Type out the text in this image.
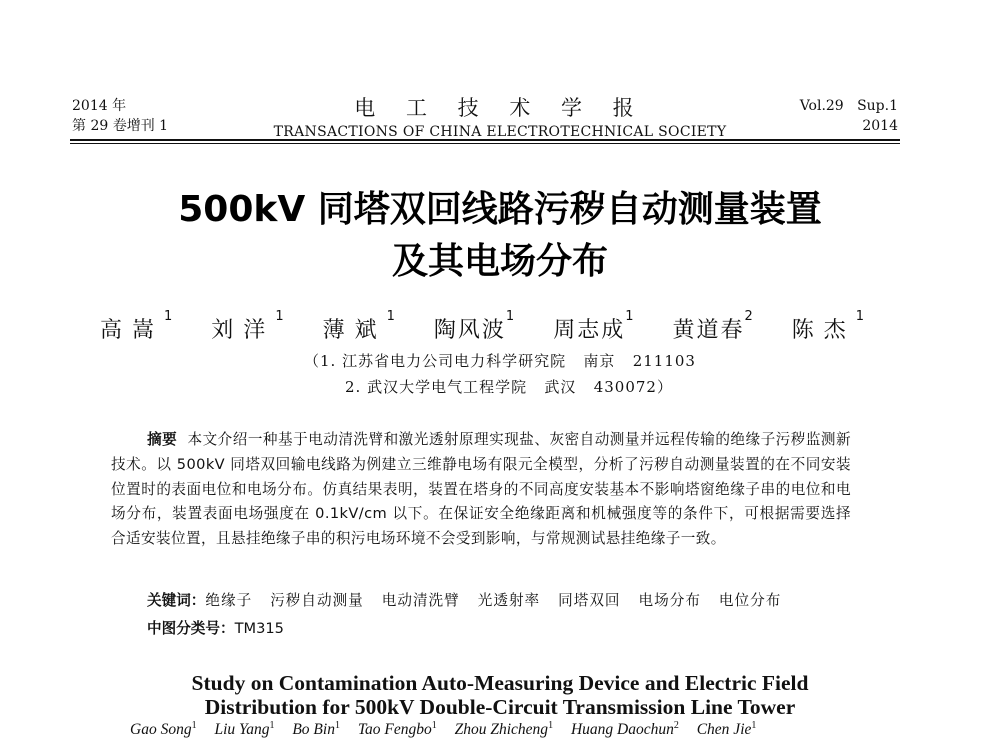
2014 年
第 29 卷增刊 1
电 工 技 术 学 报
TRANSACTIONS OF CHINA ELECTROTECHNICAL SOCIETY
Vol.29   Sup.1
2014
500kV 同塔双回线路污秽自动测量装置
及其电场分布
高嵩$^1$ 刘洋$^1$ 薄斌$^1$ 陶风波$^1$ 周志成$^1$ 黄道春$^2$ 陈杰$^1$
（1. 江苏省电力公司电力科学研究院   南京   211103
2. 武汉大学电气工程学院   武汉   430072）
摘要 本文介绍一种基于电动清洗臂和激光透射原理实现盐、灰密自动测量并远程传输的绝缘子污秽监测新技术。以 500kV 同塔双回输电线路为例建立三维静电场有限元全模型，分析了污秽自动测量装置的在不同安装位置时的表面电位和电场分布。仿真结果表明，装置在塔身的不同高度安装基本不影响塔窗绝缘子串的电位和电场分布，装置表面电场强度在 0.1kV/cm 以下。在保证安全绝缘距离和机械强度等的条件下，可根据需要选择合适安装位置，且悬挂绝缘子串的积污电场环境不会受到影响，与常规测试悬挂绝缘子一致。
关键词：绝缘子 污秽自动测量 电动清洗臂 光透射率 同塔双回 电场分布 电位分布
中图分类号：TM315
Study on Contamination Auto-Measuring Device and Electric Field
Distribution for 500kV Double-Circuit Transmission Line Tower
Gao Song$^1$ Liu Yang$^1$ Bo Bin$^1$ Tao Fengbo$^1$ Zhou Zhicheng$^1$ Huang Daochun$^2$ Chen Jie$^1$
